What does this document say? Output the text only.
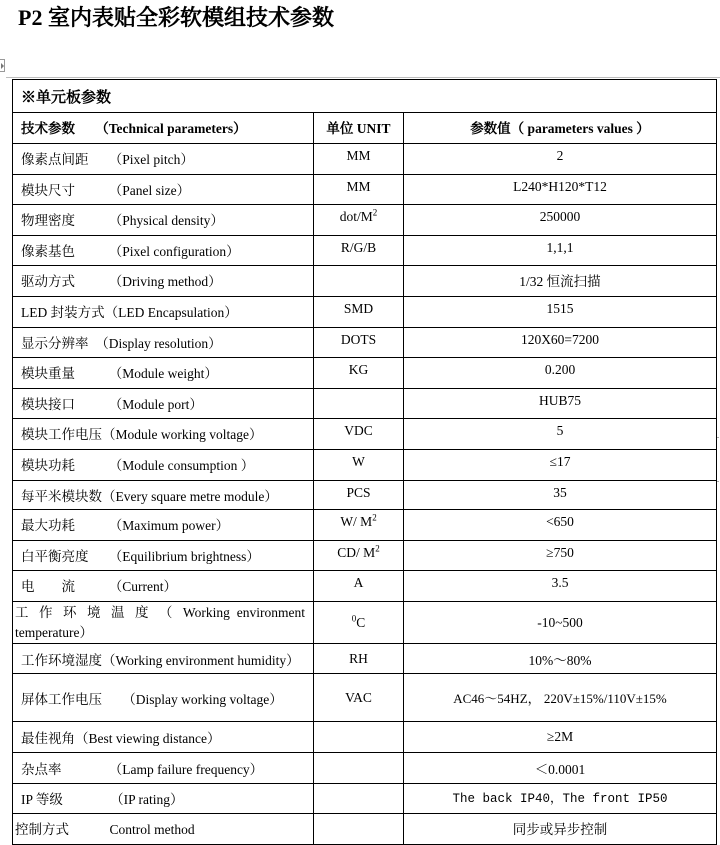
P2 室内表贴全彩软模组技术参数
※单元板参数		
技术参数　　（Technical parameters）	单位 UNIT	参数值（ parameters values ）
像素点间距　　（Pixel pitch）	MM	2
模块尺寸　　　（Panel size）	MM	L240*H120*T12
物理密度　　　（Physical density）	dot/$M^2$	250000
像素基色　　　（Pixel configuration）	R/G/B	1,1,1
驱动方式　　　（Driving method）		1/32 恒流扫描
LED 封装方式（LED Encapsulation）	SMD	1515
显示分辨率　（Display resolution）	DOTS	120X60=7200
模块重量　　　（Module weight）	KG	0.200
模块接口　　　（Module port）		HUB75
模块工作电压（Module working voltage）	VDC	5
模块功耗　　　（Module consumption ）	W	≤17
每平米模块数（Every square metre module）	PCS	35
最大功耗　　　（Maximum power）	W/ $M^2$	<650
白平衡亮度　　（Equilibrium brightness）	CD/ $M^2$	≥750
电　　流　　　（Current）	A	3.5
工 作 环 境 温 度 （ Working environment temperature）	$^0$C	-10~500
工作环境湿度（Working environment humidity）	RH	10%～80%
屏体工作电压　　（Display working voltage）	VAC	AC46～54HZ， 220V±15%/110V±15%
最佳视角（Best viewing distance）		≥2M
杂点率　　　　（Lamp failure frequency）		＜0.0001
IP 等级　　　　（IP rating）		The back IP40，The front IP50
控制方式　　　Control method		同步或异步控制
